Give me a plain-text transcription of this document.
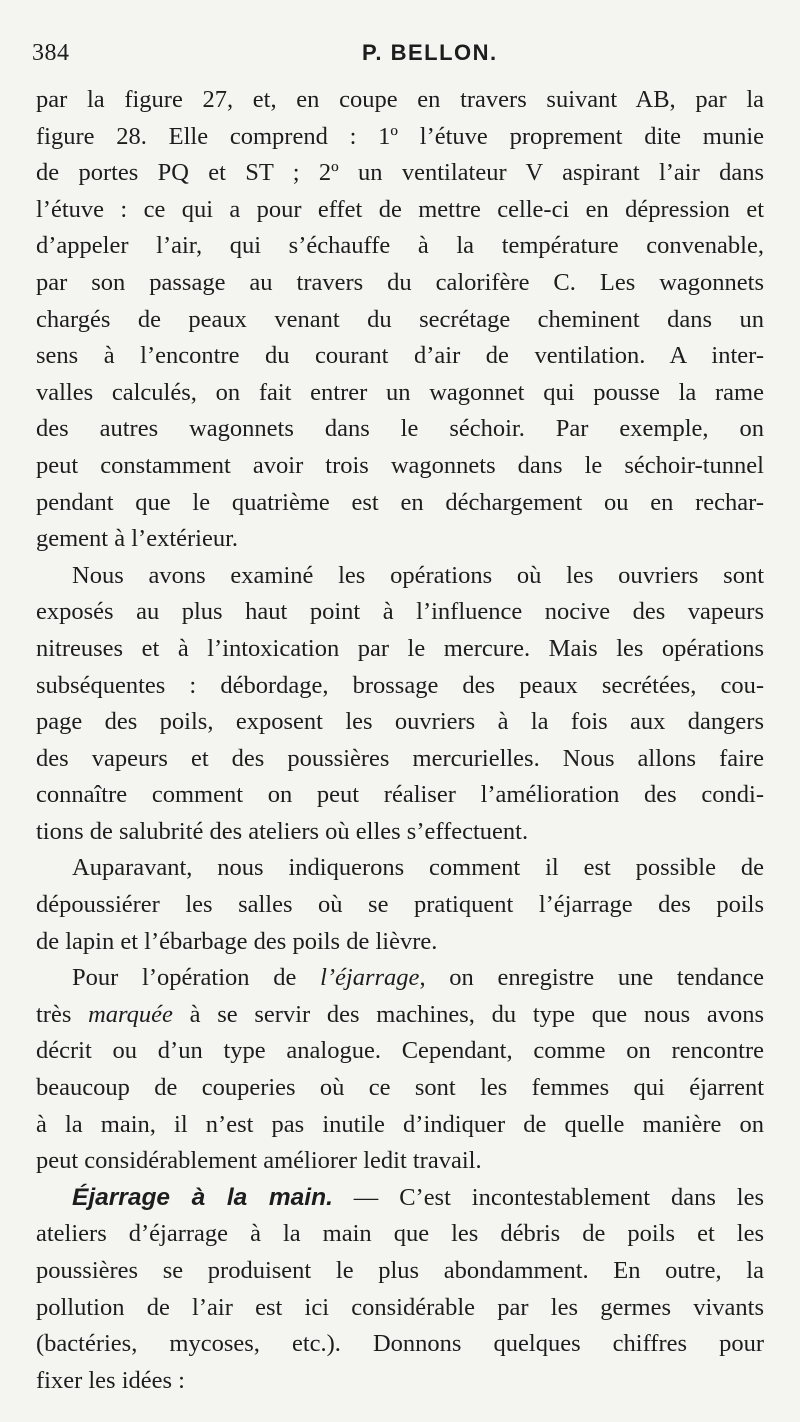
384	P. BELLON.
par la figure 27, et, en coupe en travers suivant AB, par la
figure 28. Elle comprend : 1º l’étuve proprement dite munie
de portes PQ et ST ; 2º un ventilateur V aspirant l’air dans
l’étuve : ce qui a pour effet de mettre celle-ci en dépression et
d’appeler l’air, qui s’échauffe à la température convenable,
par son passage au travers du calorifère C. Les wagonnets
chargés de peaux venant du secrétage cheminent dans un
sens à l’encontre du courant d’air de ventilation. A inter-
valles calculés, on fait entrer un wagonnet qui pousse la rame
des autres wagonnets dans le séchoir. Par exemple, on
peut constamment avoir trois wagonnets dans le séchoir-tunnel
pendant que le quatrième est en déchargement ou en rechar-
gement à l’extérieur.
Nous avons examiné les opérations où les ouvriers sont
exposés au plus haut point à l’influence nocive des vapeurs
nitreuses et à l’intoxication par le mercure. Mais les opérations
subséquentes : débordage, brossage des peaux secrétées, cou-
page des poils, exposent les ouvriers à la fois aux dangers
des vapeurs et des poussières mercurielles. Nous allons faire
connaître comment on peut réaliser l’amélioration des condi-
tions de salubrité des ateliers où elles s’effectuent.
Auparavant, nous indiquerons comment il est possible de
dépoussiérer les salles où se pratiquent l’éjarrage des poils
de lapin et l’ébarbage des poils de lièvre.
Pour l’opération de l’éjarrage, on enregistre une tendance
très marquée à se servir des machines, du type que nous avons
décrit ou d’un type analogue. Cependant, comme on rencontre
beaucoup de couperies où ce sont les femmes qui éjarrent
à la main, il n’est pas inutile d’indiquer de quelle manière on
peut considérablement améliorer ledit travail.
Éjarrage à la main. — C’est incontestablement dans les
ateliers d’éjarrage à la main que les débris de poils et les
poussières se produisent le plus abondamment. En outre, la
pollution de l’air est ici considérable par les germes vivants
(bactéries, mycoses, etc.). Donnons quelques chiffres pour
fixer les idées :
